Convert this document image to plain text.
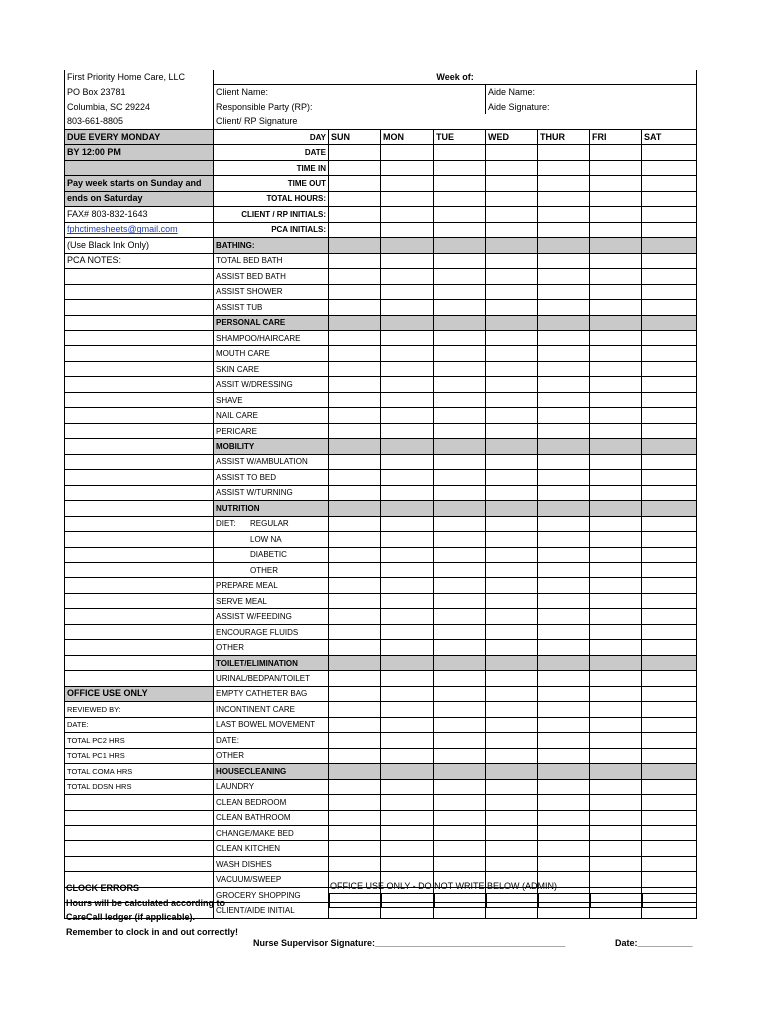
First Priority Home Care, LLC	Week of:							
PO Box 23781	Client Name:				Aide Name:			
Columbia, SC 29224	Responsible Party (RP):				Aide Signature:			
803-661-8805	Client/ RP Signature							
DUE EVERY MONDAY	DAY	SUN	MON	TUE	WED	THUR	FRI	SAT
BY 12:00 PM	DATE							
	TIME IN							
Pay week starts on Sunday and	TIME OUT							
ends on Saturday	TOTAL HOURS:							
FAX# 803-832-1643	CLIENT / RP INITIALS:							
fphctimesheets@gmail.com	PCA INITIALS:							
(Use Black Ink Only)	BATHING:							
PCA NOTES:	TOTAL BED BATH							
	ASSIST BED BATH							
	ASSIST SHOWER							
	ASSIST TUB							
	PERSONAL CARE							
	SHAMPOO/HAIRCARE							
	MOUTH CARE							
	SKIN CARE							
	ASSIT W/DRESSING							
	SHAVE							
	NAIL CARE							
	PERICARE							
	MOBILITY							
	ASSIST W/AMBULATION							
	ASSIST TO BED							
	ASSIST W/TURNING							
	NUTRITION							
	DIET: REGULAR							
	LOW NA							
	DIABETIC							
	OTHER							
	PREPARE MEAL							
	SERVE MEAL							
	ASSIST W/FEEDING							
	ENCOURAGE FLUIDS							
	OTHER							
	TOILET/ELIMINATION							
	URINAL/BEDPAN/TOILET							
OFFICE USE ONLY	EMPTY CATHETER BAG							
REVIEWED BY:	INCONTINENT CARE							
DATE:	LAST BOWEL MOVEMENT							
TOTAL PC2 HRS	DATE:							
TOTAL PC1 HRS	OTHER							
TOTAL COMA HRS	HOUSECLEANING							
TOTAL DDSN HRS	LAUNDRY							
	CLEAN BEDROOM							
	CLEAN BATHROOM							
	CHANGE/MAKE BED							
	CLEAN KITCHEN							
	WASH DISHES							
	VACUUM/SWEEP							
	GROCERY SHOPPING							
	CLIENT/AIDE INITIAL							
CLOCK ERRORS
Hours will be calculated according to
CareCall ledger (if applicable).
Remember to clock in and out correctly!
OFFICE USE ONLY - DO NOT WRITE BELOW (ADMIN)

Nurse Supervisor Signature:______________________________________	Date:___________
